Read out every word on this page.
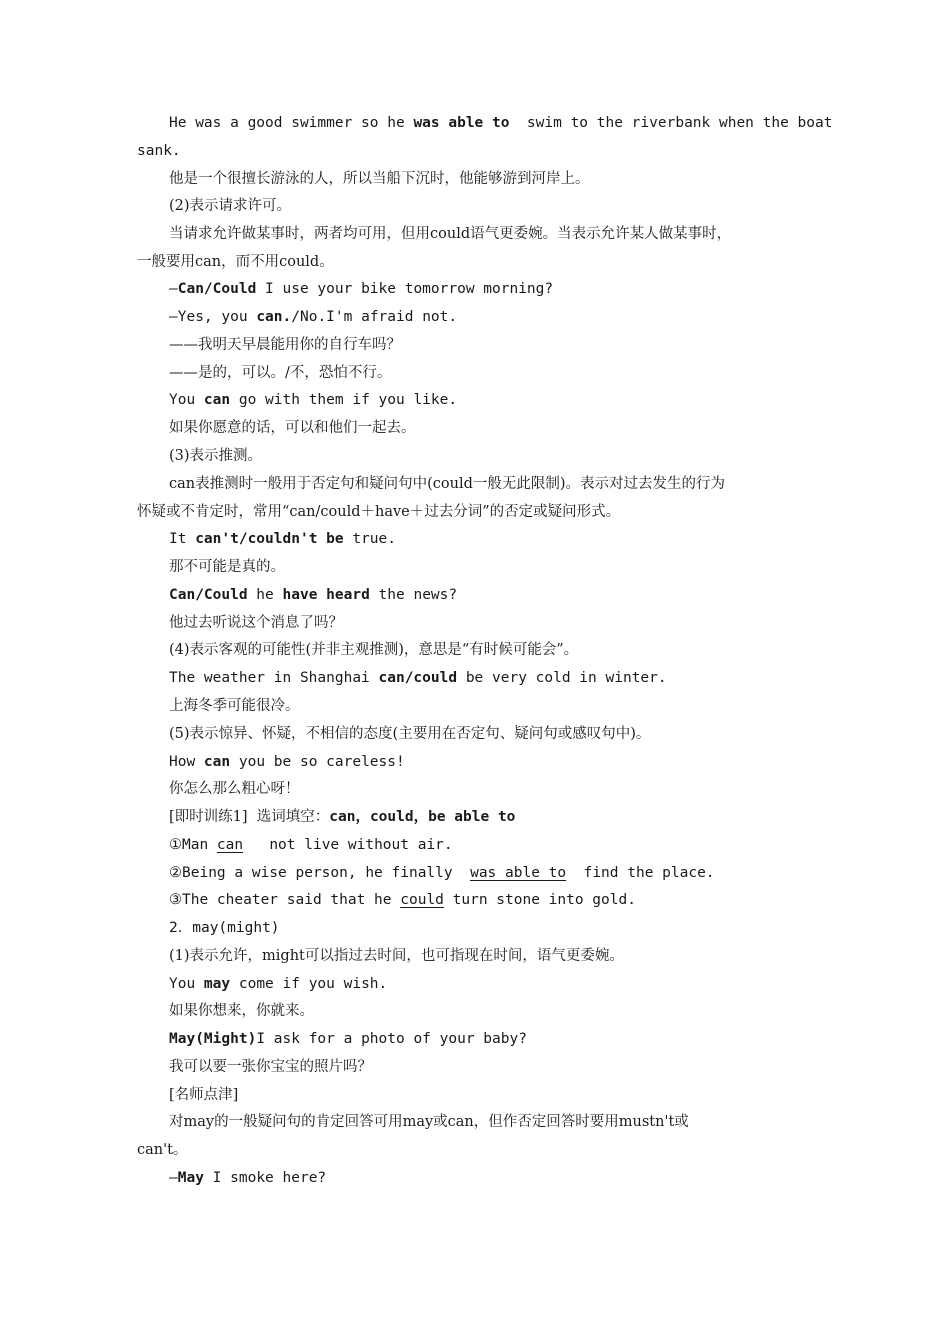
He was a good swimmer so he was able to  swim to the riverbank when the boat
sank.
他是一个很擅长游泳的人，所以当船下沉时，他能够游到河岸上。
(2)表示请求许可。
当请求允许做某事时，两者均可用，但用could语气更委婉。当表示允许某人做某事时，
一般要用can，而不用could。
—Can/Could I use your bike tomorrow morning?
—Yes, you can./No.I'm afraid not.
——我明天早晨能用你的自行车吗？
——是的，可以。/不，恐怕不行。
You can go with them if you like.
如果你愿意的话，可以和他们一起去。
(3)表示推测。
can表推测时一般用于否定句和疑问句中(could一般无此限制)。表示对过去发生的行为
怀疑或不肯定时，常用“can/could＋have＋过去分词”的否定或疑问形式。
It can't/couldn't be true.
那不可能是真的。
Can/Could he have heard the news?
他过去听说这个消息了吗？
(4)表示客观的可能性(并非主观推测)，意思是“有时候可能会”。
The weather in Shanghai can/could be very cold in winter.
上海冬季可能很冷。
(5)表示惊异、怀疑，不相信的态度(主要用在否定句、疑问句或感叹句中)。
How can you be so careless!
你怎么那么粗心呀！
[即时训练1]  选词填空：can，could，be able to
①Man can   not live without air.
②Being a wise person, he finally  was able to  find the place.
③The cheater said that he could turn stone into gold.
2．may(might)
(1)表示允许，might可以指过去时间，也可指现在时间，语气更委婉。
You may come if you wish.
如果你想来，你就来。
May(Might)I ask for a photo of your baby?
我可以要一张你宝宝的照片吗？
[名师点津]
对may的一般疑问句的肯定回答可用may或can，但作否定回答时要用mustn't或
can't。
—May I smoke here?
